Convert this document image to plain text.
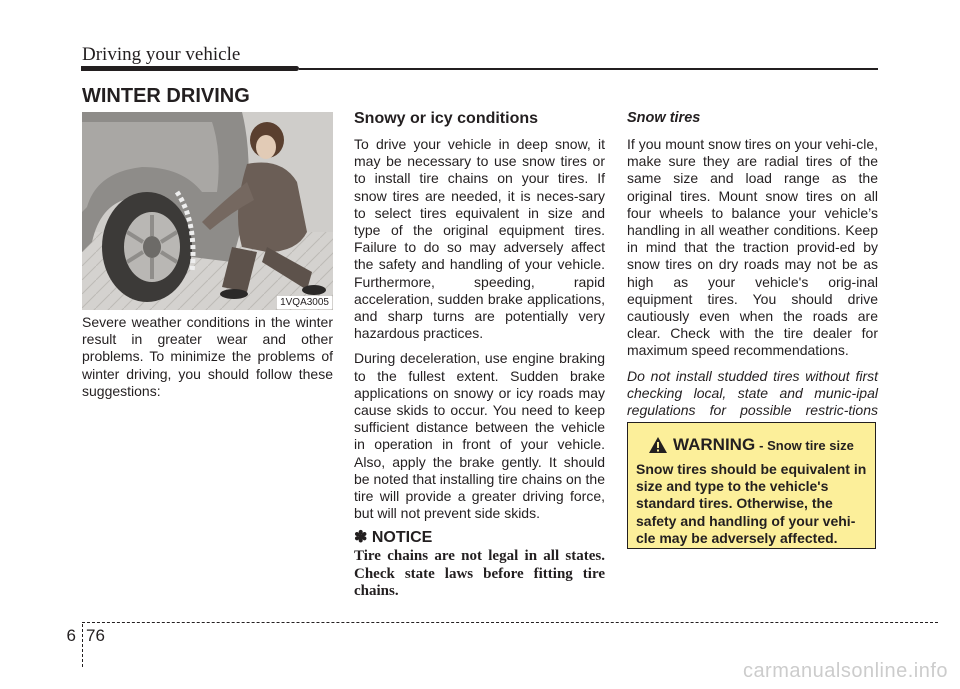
Driving your vehicle
WINTER DRIVING
1VQA3005

Severe weather conditions in the winter result in greater wear and other problems. To minimize the problems of winter driving, you should follow these suggestions:

Snowy or icy conditions

To drive your vehicle in deep snow, it may be necessary to use snow tires or to install tire chains on your tires. If snow tires are needed, it is neces-sary to select tires equivalent in size and type of the original equipment tires. Failure to do so may adversely affect the safety and handling of your vehicle. Furthermore, speeding, rapid acceleration, sudden brake applications, and sharp turns are potentially very hazardous practices.

During deceleration, use engine braking to the fullest extent. Sudden brake applications on snowy or icy roads may cause skids to occur. You need to keep sufficient distance between the vehicle in operation in front of your vehicle. Also, apply the brake gently. It should be noted that installing tire chains on the tire will provide a greater driving force, but will not prevent side skids.

✽ NOTICE
Tire chains are not legal in all states. Check state laws before fitting tire chains.
Snow tires

If you mount snow tires on your vehi-cle, make sure they are radial tires of the same size and load range as the original tires. Mount snow tires on all four wheels to balance your vehicle’s handling in all weather conditions. Keep in mind that the traction provid-ed by snow tires on dry roads may not be as high as your vehicle's orig-inal equipment tires. You should drive cautiously even when the roads are clear. Check with the tire dealer for maximum speed recommendations.

Do not install studded tires without first checking local, state and munic-ipal regulations for possible restric-tions

WARNING - Snow tire size
Snow tires should be equivalent in size and type to the vehicle's standard tires. Otherwise, the safety and handling of your vehi-cle may be adversely affected.
6 76
carmanualsonline.info
